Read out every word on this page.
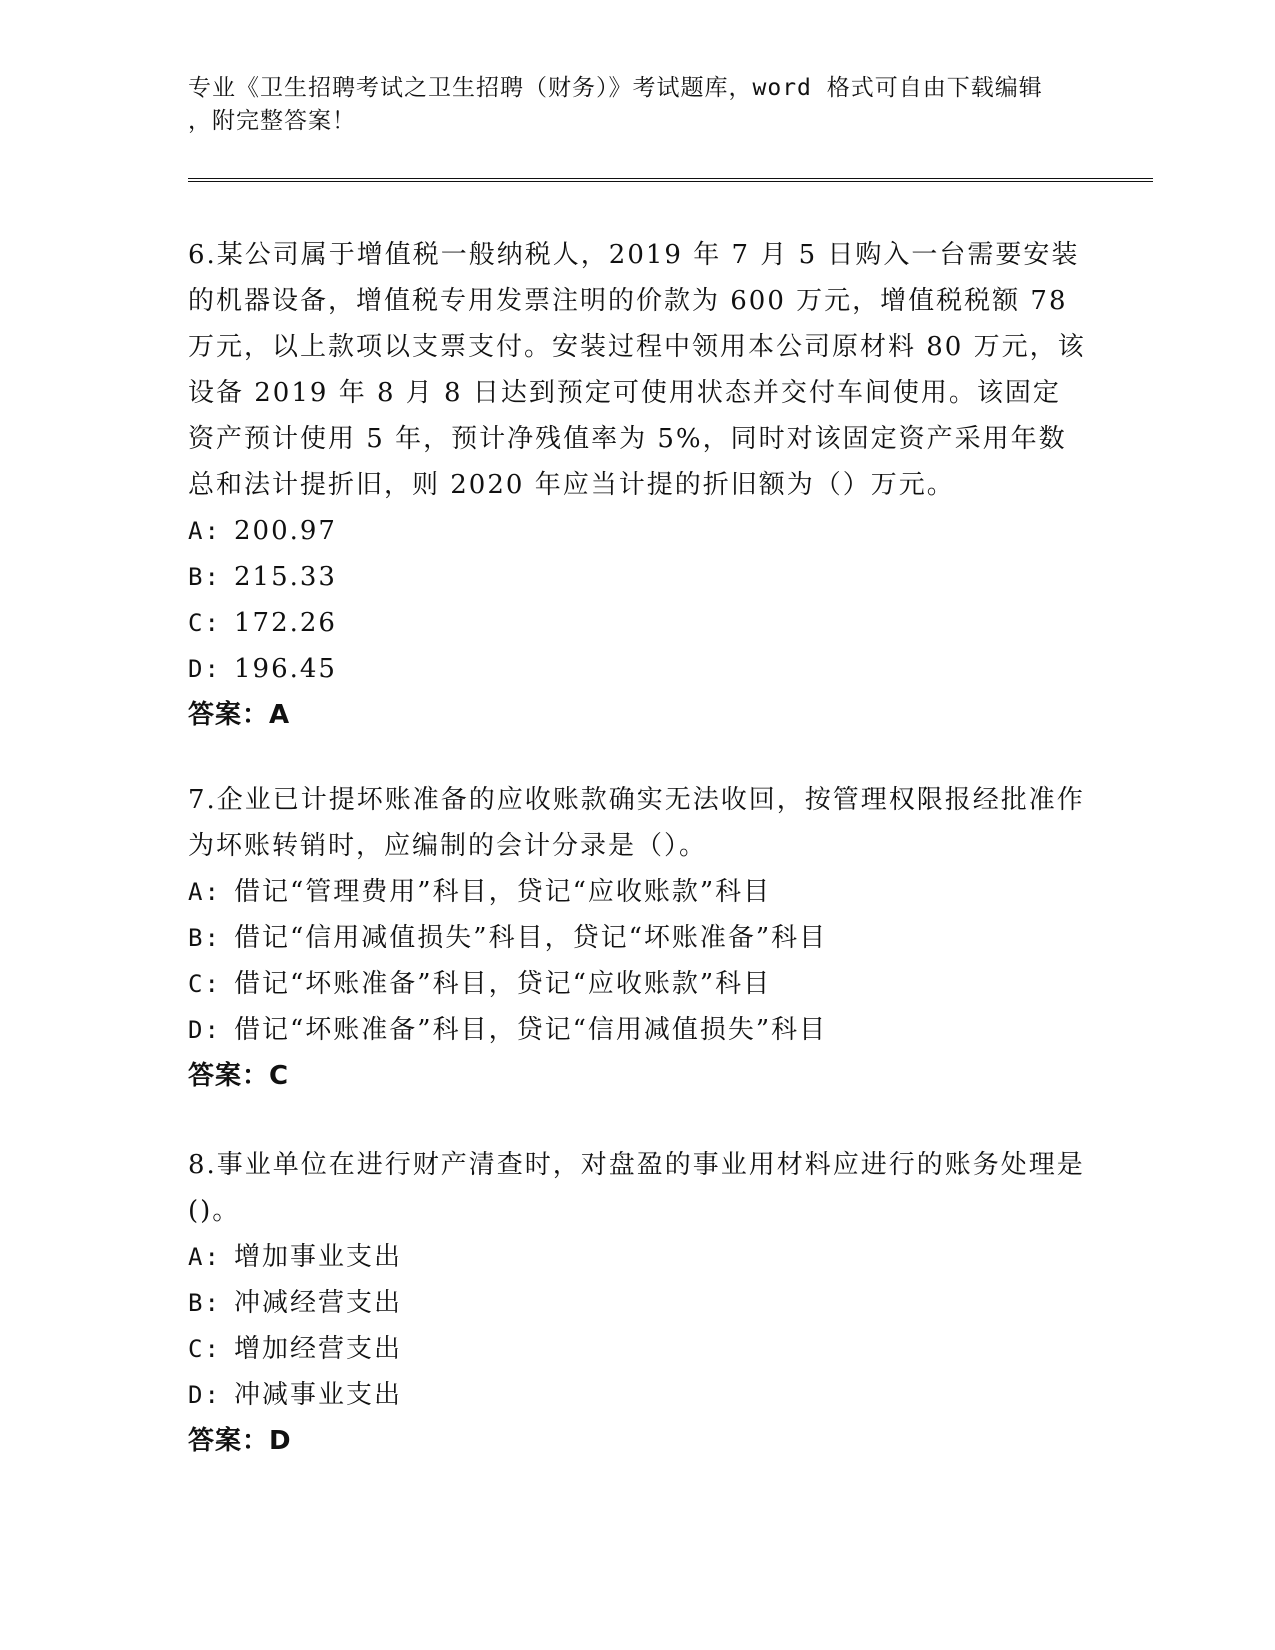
专业《卫生招聘考试之卫生招聘（财务）》考试题库，word 格式可自由下载编辑
，附完整答案！

6.某公司属于增值税一般纳税人，2019 年 7 月 5 日购入一台需要安装的机器设备，增值税专用发票注明的价款为 600 万元，增值税税额 78 万元，以上款项以支票支付。安装过程中领用本公司原材料 80 万元，该设备 2019 年 8 月 8 日达到预定可使用状态并交付车间使用。该固定资产预计使用 5 年，预计净残值率为 5%，同时对该固定资产采用年数总和法计提折旧，则 2020 年应当计提的折旧额为（）万元。

A: 200.97
B: 215.33
C: 172.26
D: 196.45

答案：A

7.企业已计提坏账准备的应收账款确实无法收回，按管理权限报经批准作为坏账转销时，应编制的会计分录是（）。

A: 借记“管理费用”科目，贷记“应收账款”科目
B: 借记“信用减值损失”科目，贷记“坏账准备”科目
C: 借记“坏账准备”科目，贷记“应收账款”科目
D: 借记“坏账准备”科目，贷记“信用减值损失”科目

答案：C

8.事业单位在进行财产清查时，对盘盈的事业用材料应进行的账务处理是()。

A: 增加事业支出
B: 冲减经营支出
C: 增加经营支出
D: 冲减事业支出

答案：D
